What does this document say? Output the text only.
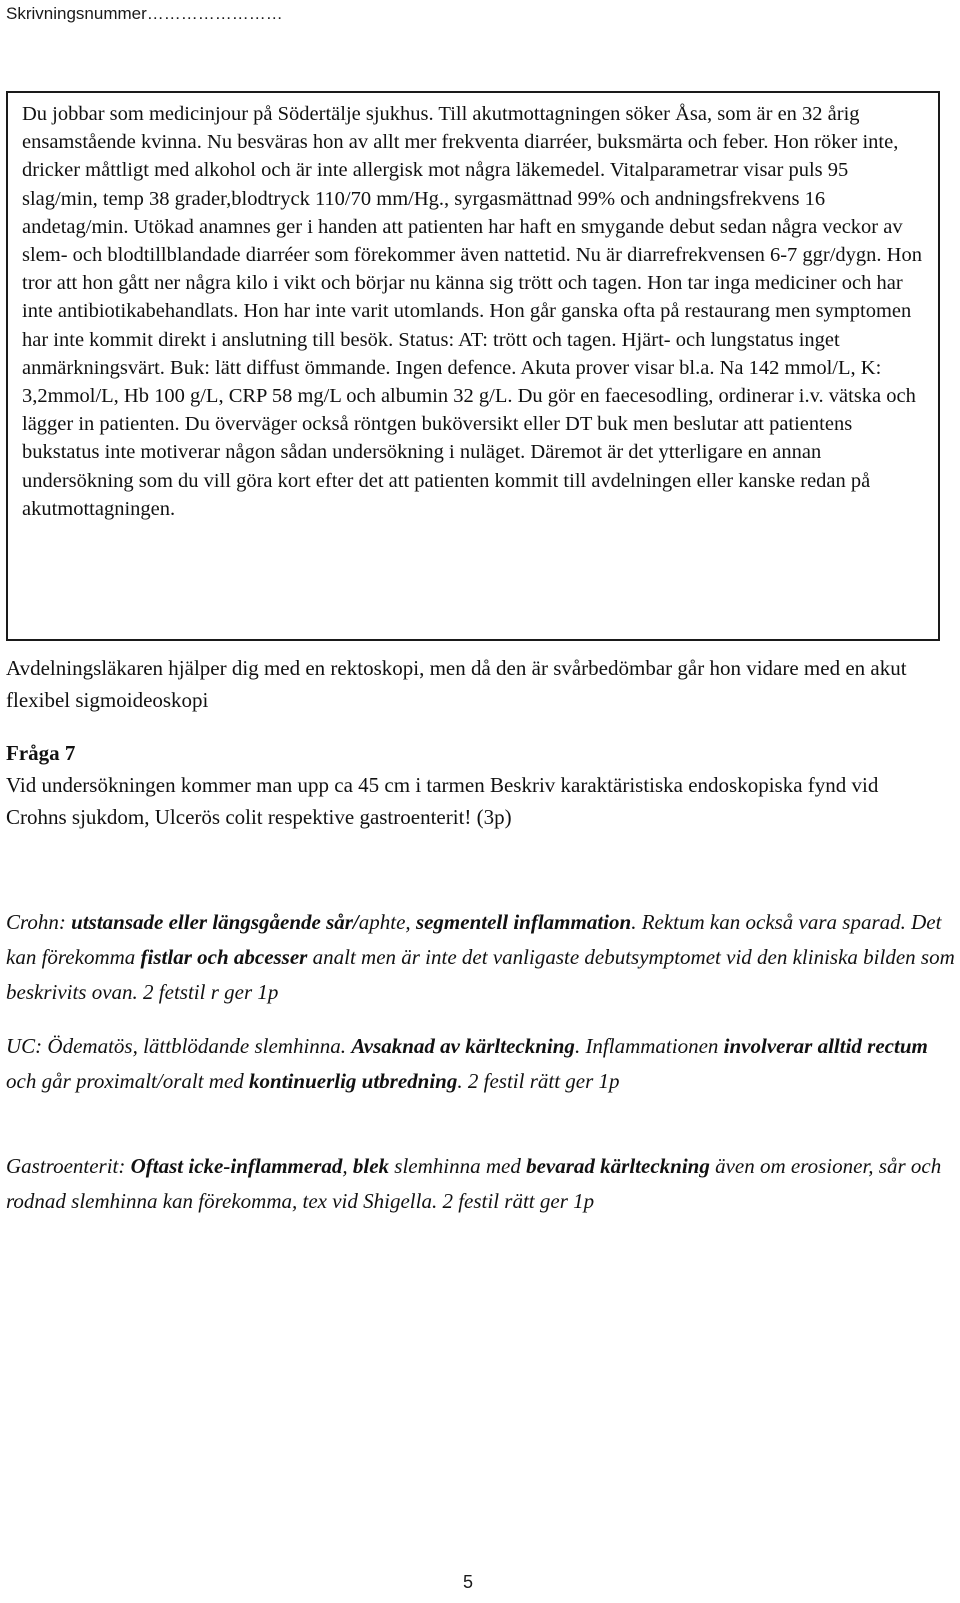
Skrivningsnummer……………………

Du jobbar som medicinjour på Södertälje sjukhus. Till akutmottagningen söker Åsa, som är en 32 årig ensamstående kvinna. Nu besväras hon av allt mer frekventa diarréer, buksmärta och feber. Hon röker inte, dricker måttligt med alkohol och är inte allergisk mot några läkemedel. Vitalparametrar visar puls 95 slag/min, temp 38 grader,blodtryck 110/70 mm/Hg., syrgasmättnad 99% och andningsfrekvens 16 andetag/min. Utökad anamnes ger i handen att patienten har haft en smygande debut sedan några veckor av slem- och blodtillblandade diarréer som förekommer även nattetid. Nu är diarrefrekvensen 6-7 ggr/dygn. Hon tror att hon gått ner några kilo i vikt och börjar nu känna sig trött och tagen. Hon tar inga mediciner och har inte antibiotikabehandlats. Hon har inte varit utomlands. Hon går ganska ofta på restaurang men symptomen har inte kommit direkt i anslutning till besök. Status: AT: trött och tagen. Hjärt- och lungstatus inget anmärkningsvärt. Buk: lätt diffust ömmande. Ingen defence. Akuta prover visar bl.a. Na 142 mmol/L, K: 3,2mmol/L, Hb 100 g/L, CRP 58 mg/L och albumin 32 g/L. Du gör en faecesodling, ordinerar i.v. vätska och lägger in patienten. Du överväger också röntgen buköversikt eller DT buk men beslutar att patientens bukstatus inte motiverar någon sådan undersökning i nuläget. Däremot är det ytterligare en annan undersökning som du vill göra kort efter det att patienten kommit till avdelningen eller kanske redan på akutmottagningen.

Avdelningsläkaren hjälper dig med en rektoskopi, men då den är svårbedömbar går hon vidare med en akut flexibel sigmoideoskopi

Fråga 7

Vid undersökningen kommer man upp ca 45 cm i tarmen Beskriv karaktäristiska endoskopiska fynd vid Crohns sjukdom, Ulcerös colit respektive gastroenterit! (3p)

Crohn: utstansade eller längsgående sår/aphte, segmentell inflammation. Rektum kan också vara sparad. Det kan förekomma fistlar och abcesser analt men är inte det vanligaste debutsymptomet vid den kliniska bilden som beskrivits ovan. 2 fetstil r ger 1p

UC: Ödematös, lättblödande slemhinna. Avsaknad av kärlteckning. Inflammationen involverar alltid rectum och går proximalt/oralt med kontinuerlig utbredning. 2 festil rätt ger 1p

Gastroenterit: Oftast icke-inflammerad, blek slemhinna med bevarad kärlteckning även om erosioner, sår och rodnad slemhinna kan förekomma, tex vid Shigella. 2 festil rätt ger 1p

5
